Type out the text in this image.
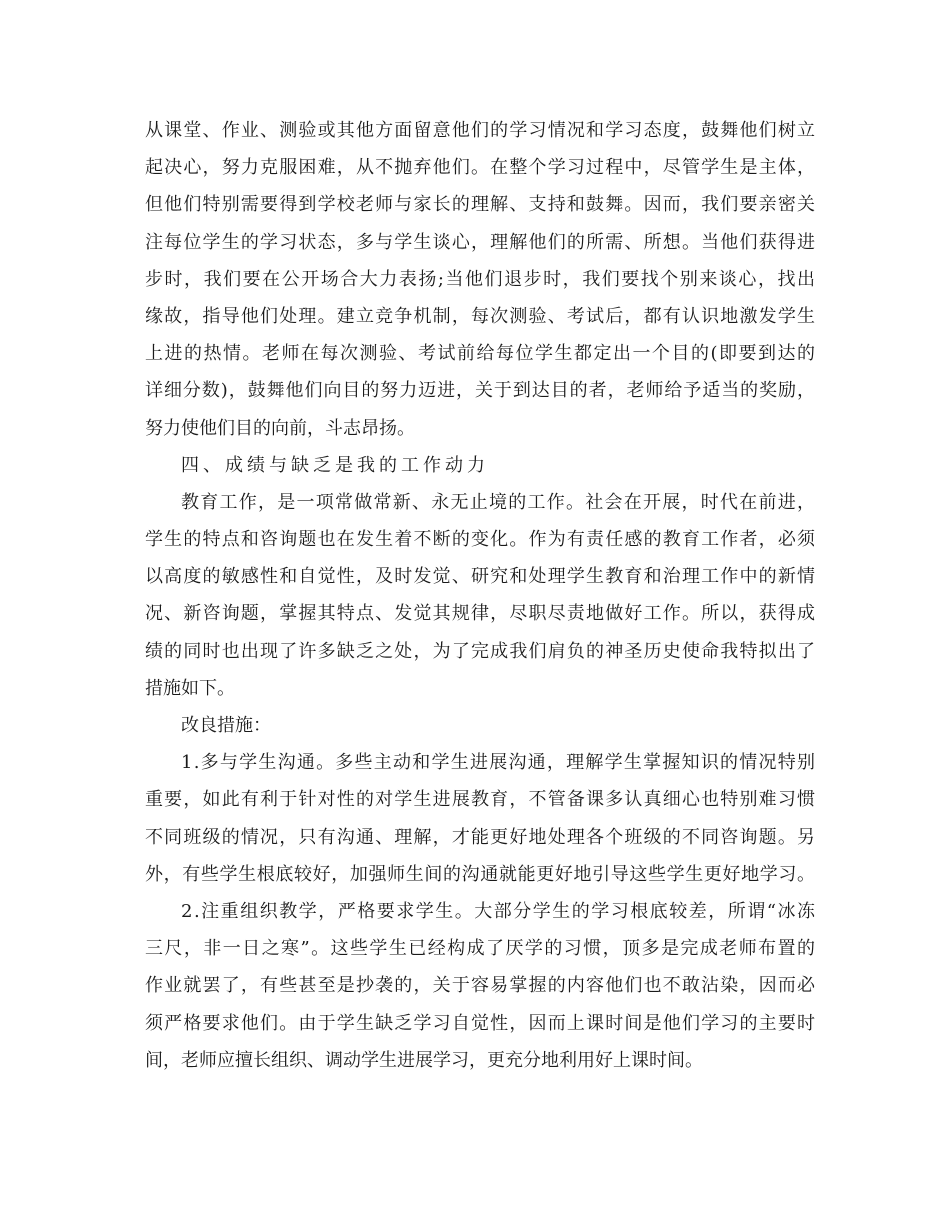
从课堂、作业、测验或其他方面留意他们的学习情况和学习态度，鼓舞他们树立
起决心，努力克服困难，从不抛弃他们。在整个学习过程中，尽管学生是主体，
但他们特别需要得到学校老师与家长的理解、支持和鼓舞。因而，我们要亲密关
注每位学生的学习状态，多与学生谈心，理解他们的所需、所想。当他们获得进
步时，我们要在公开场合大力表扬;当他们退步时，我们要找个别来谈心，找出
缘故，指导他们处理。建立竞争机制，每次测验、考试后，都有认识地激发学生
上进的热情。老师在每次测验、考试前给每位学生都定出一个目的(即要到达的
详细分数)，鼓舞他们向目的努力迈进，关于到达目的者，老师给予适当的奖励，
努力使他们目的向前，斗志昂扬。
四、成绩与缺乏是我的工作动力
教育工作，是一项常做常新、永无止境的工作。社会在开展，时代在前进，
学生的特点和咨询题也在发生着不断的变化。作为有责任感的教育工作者，必须
以高度的敏感性和自觉性，及时发觉、研究和处理学生教育和治理工作中的新情
况、新咨询题，掌握其特点、发觉其规律，尽职尽责地做好工作。所以，获得成
绩的同时也出现了许多缺乏之处，为了完成我们肩负的神圣历史使命我特拟出了
措施如下。
改良措施：
1.多与学生沟通。多些主动和学生进展沟通，理解学生掌握知识的情况特别
重要，如此有利于针对性的对学生进展教育，不管备课多认真细心也特别难习惯
不同班级的情况，只有沟通、理解，才能更好地处理各个班级的不同咨询题。另
外，有些学生根底较好，加强师生间的沟通就能更好地引导这些学生更好地学习。
2.注重组织教学，严格要求学生。大部分学生的学习根底较差，所谓“冰冻
三尺，非一日之寒”。这些学生已经构成了厌学的习惯，顶多是完成老师布置的
作业就罢了，有些甚至是抄袭的，关于容易掌握的内容他们也不敢沾染，因而必
须严格要求他们。由于学生缺乏学习自觉性，因而上课时间是他们学习的主要时
间，老师应擅长组织、调动学生进展学习，更充分地利用好上课时间。
